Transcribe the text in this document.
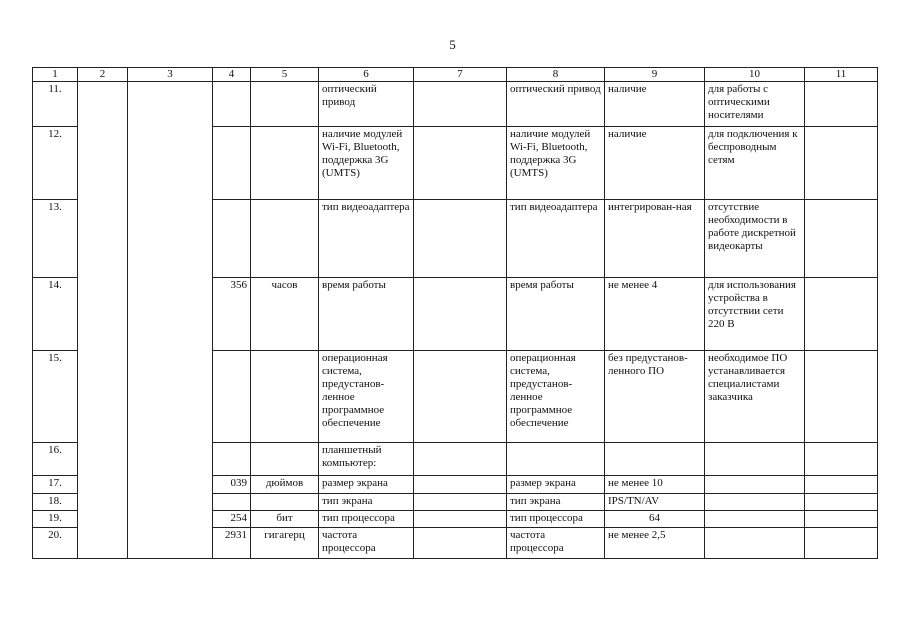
5
1	2	3	4	5	6	7	8	9	10	11
11.					оптический привод		оптический привод	наличие	для работы с оптическими носителями	
12.					наличие модулей Wi-Fi, Bluetooth, поддержка 3G (UMTS)		наличие модулей Wi-Fi, Bluetooth, поддержка 3G (UMTS)	наличие	для подключения к беспроводным сетям	
13.					тип видеоадаптера		тип видеоадаптера	интегрирован-ная	отсутствие необходимости в работе дискретной видеокарты	
14.			356	часов	время работы		время работы	не менее 4	для использования устройства в отсутствии сети 220 В	
15.					операционная система, предустанов-ленное программное обеспечение		операционная система, предустанов-ленное программное обеспечение	без предустанов-ленного ПО	необходимое ПО устанавливается специалистами заказчика	
16.					планшетный компьютер:					
17.			039	дюймов	размер экрана		размер экрана	не менее 10		
18.					тип экрана		тип экрана	IPS/TN/AV		
19.			254	бит	тип процессора		тип процессора	64		
20.			2931	гигагерц	частота процессора		частота процессора	не менее 2,5		
